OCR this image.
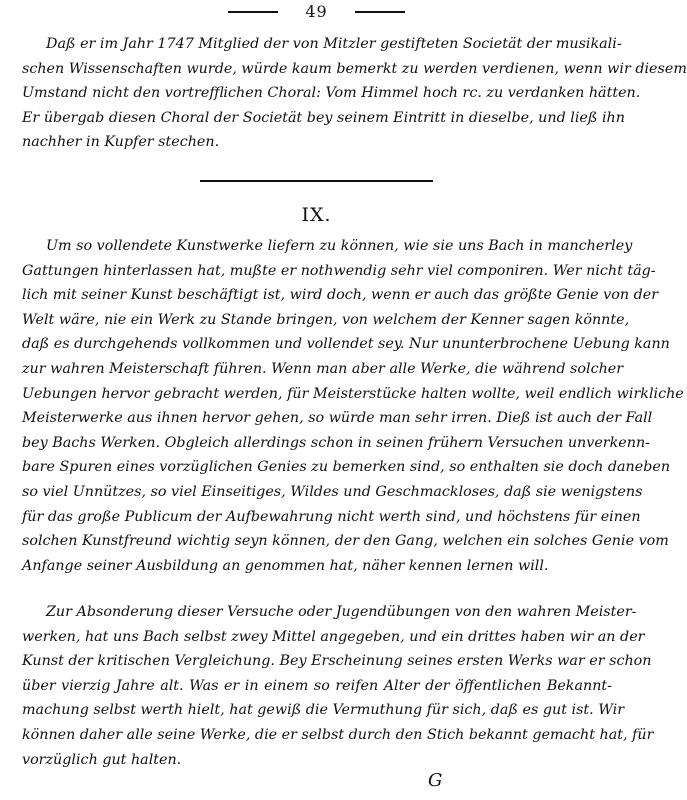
49
Daß er im Jahr 1747 Mitglied der von Mitzler gestifteten Societät der musikali-
schen Wissenschaften wurde, würde kaum bemerkt zu werden verdienen, wenn wir diesem
Umstand nicht den vortrefflichen Choral: Vom Himmel hoch rc. zu verdanken hätten.
Er übergab diesen Choral der Societät bey seinem Eintritt in dieselbe, und ließ ihn
nachher in Kupfer stechen.
IX.
Um so vollendete Kunstwerke liefern zu können, wie sie uns Bach in mancherley
Gattungen hinterlassen hat, mußte er nothwendig sehr viel componiren. Wer nicht täg-
lich mit seiner Kunst beschäftigt ist, wird doch, wenn er auch das größte Genie von der
Welt wäre, nie ein Werk zu Stande bringen, von welchem der Kenner sagen könnte,
daß es durchgehends vollkommen und vollendet sey. Nur ununterbrochene Uebung kann
zur wahren Meisterschaft führen. Wenn man aber alle Werke, die während solcher
Uebungen hervor gebracht werden, für Meisterstücke halten wollte, weil endlich wirkliche
Meisterwerke aus ihnen hervor gehen, so würde man sehr irren. Dieß ist auch der Fall
bey Bachs Werken. Obgleich allerdings schon in seinen frühern Versuchen unverkenn-
bare Spuren eines vorzüglichen Genies zu bemerken sind, so enthalten sie doch daneben
so viel Unnützes, so viel Einseitiges, Wildes und Geschmackloses, daß sie wenigstens
für das große Publicum der Aufbewahrung nicht werth sind, und höchstens für einen
solchen Kunstfreund wichtig seyn können, der den Gang, welchen ein solches Genie vom
Anfange seiner Ausbildung an genommen hat, näher kennen lernen will.
Zur Absonderung dieser Versuche oder Jugendübungen von den wahren Meister-
werken, hat uns Bach selbst zwey Mittel angegeben, und ein drittes haben wir an der
Kunst der kritischen Vergleichung. Bey Erscheinung seines ersten Werks war er schon
über vierzig Jahre alt. Was er in einem so reifen Alter der öffentlichen Bekannt-
machung selbst werth hielt, hat gewiß die Vermuthung für sich, daß es gut ist. Wir
können daher alle seine Werke, die er selbst durch den Stich bekannt gemacht hat, für
vorzüglich gut halten.
G
